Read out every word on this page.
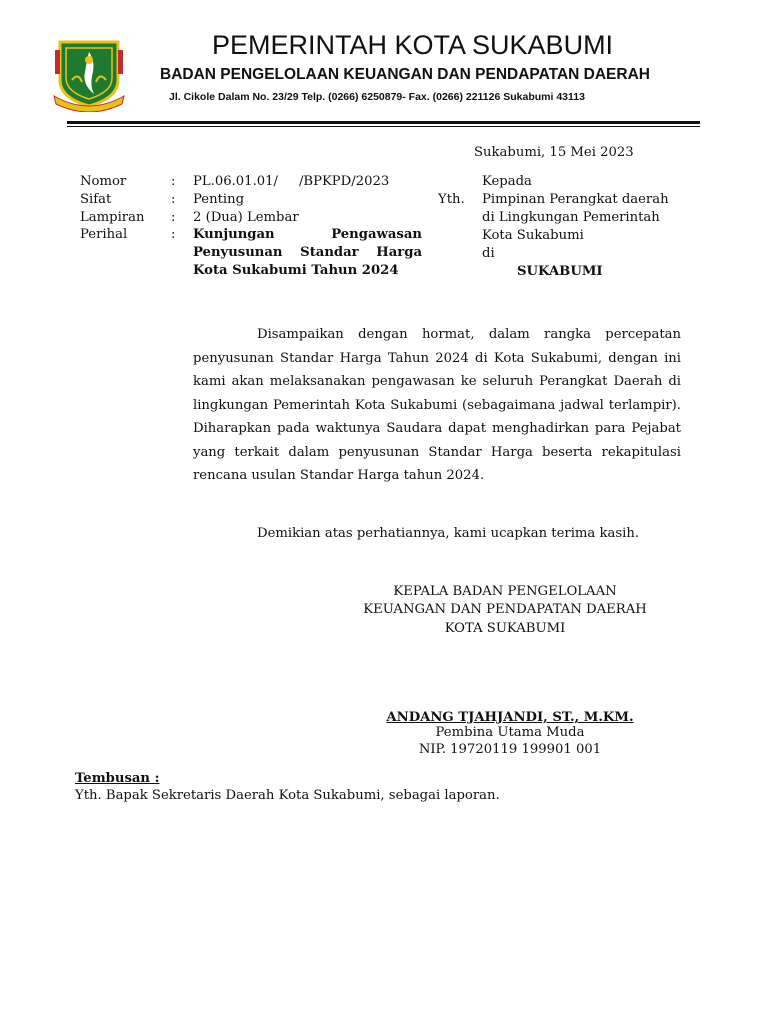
PEMERINTAH KOTA SUKABUMI
BADAN PENGELOLAAN KEUANGAN DAN PENDAPATAN DAERAH
Jl. Cikole Dalam No. 23/29 Telp. (0266) 6250879- Fax. (0266) 221126 Sukabumi 43113
Sukabumi, 15 Mei 2023
Nomor	: PL.06.01.01/     /BPKPD/2023
Sifat	: Penting
Lampiran : 2 (Dua) Lembar
Perihal	: Kunjungan Pengawasan
Penyusunan Standar Harga
Kota Sukabumi Tahun 2024
Kepada
Yth. Pimpinan Perangkat daerah
di Lingkungan Pemerintah
Kota Sukabumi
di
SUKABUMI
Disampaikan dengan hormat, dalam rangka percepatan penyusunan Standar Harga Tahun 2024 di Kota Sukabumi, dengan ini kami akan melaksanakan pengawasan ke seluruh Perangkat Daerah di lingkungan Pemerintah Kota Sukabumi (sebagaimana jadwal terlampir). Diharapkan pada waktunya Saudara dapat menghadirkan para Pejabat yang terkait dalam penyusunan Standar Harga beserta rekapitulasi rencana usulan Standar Harga tahun 2024.
Demikian atas perhatiannya, kami ucapkan terima kasih.
KEPALA BADAN PENGELOLAAN
KEUANGAN DAN PENDAPATAN DAERAH
KOTA SUKABUMI
ANDANG TJAHJANDI, ST., M.KM.
Pembina Utama Muda
NIP. 19720119 199901 001
Tembusan :
Yth. Bapak Sekretaris Daerah Kota Sukabumi, sebagai laporan.
